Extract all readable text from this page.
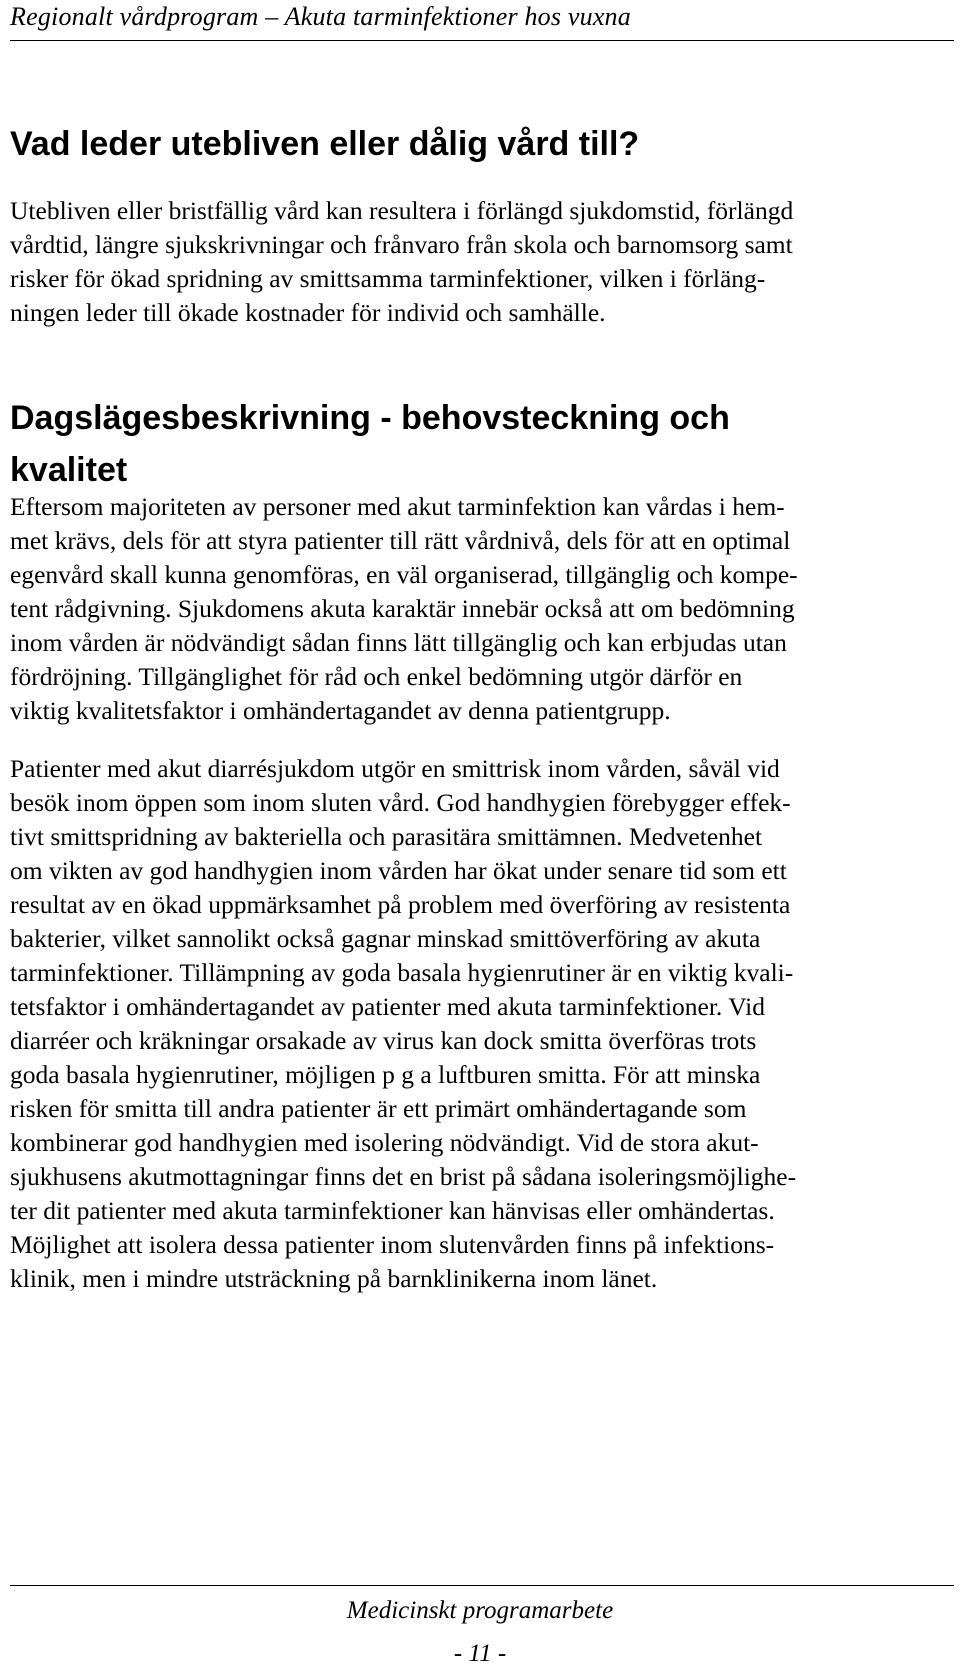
Regionalt vårdprogram – Akuta tarminfektioner hos vuxna
Vad leder utebliven eller dålig vård till?

Utebliven eller bristfällig vård kan resultera i förlängd sjukdomstid, förlängd
vårdtid, längre sjukskrivningar och frånvaro från skola och barnomsorg samt
risker för ökad spridning av smittsamma tarminfektioner, vilken i förläng-
ningen leder till ökade kostnader för individ och samhälle.

Dagslägesbeskrivning - behovsteckning och
kvalitet

Eftersom majoriteten av personer med akut tarminfektion kan vårdas i hem-
met krävs, dels för att styra patienter till rätt vårdnivå, dels för att en optimal
egenvård skall kunna genomföras, en väl organiserad, tillgänglig och kompe-
tent rådgivning. Sjukdomens akuta karaktär innebär också att om bedömning
inom vården är nödvändigt sådan finns lätt tillgänglig och kan erbjudas utan
fördröjning. Tillgänglighet för råd och enkel bedömning utgör därför en
viktig kvalitetsfaktor i omhändertagandet av denna patientgrupp.

Patienter med akut diarrésjukdom utgör en smittrisk inom vården, såväl vid
besök inom öppen som inom sluten vård. God handhygien förebygger effek-
tivt smittspridning av bakteriella och parasitära smittämnen. Medvetenhet
om vikten av god handhygien inom vården har ökat under senare tid som ett
resultat av en ökad uppmärksamhet på problem med överföring av resistenta
bakterier, vilket sannolikt också gagnar minskad smittöverföring av akuta
tarminfektioner. Tillämpning av goda basala hygienrutiner är en viktig kvali-
tetsfaktor i omhändertagandet av patienter med akuta tarminfektioner. Vid
diarréer och kräkningar orsakade av virus kan dock smitta överföras trots
goda basala hygienrutiner, möjligen p g a luftburen smitta. För att minska
risken för smitta till andra patienter är ett primärt omhändertagande som
kombinerar god handhygien med isolering nödvändigt. Vid de stora akut-
sjukhusens akutmottagningar finns det en brist på sådana isoleringsmöjlighe-
ter dit patienter med akuta tarminfektioner kan hänvisas eller omhändertas.
Möjlighet att isolera dessa patienter inom slutenvården finns på infektions-
klinik, men i mindre utsträckning på barnklinikerna inom länet.

Medicinskt programarbete
- 11 -
